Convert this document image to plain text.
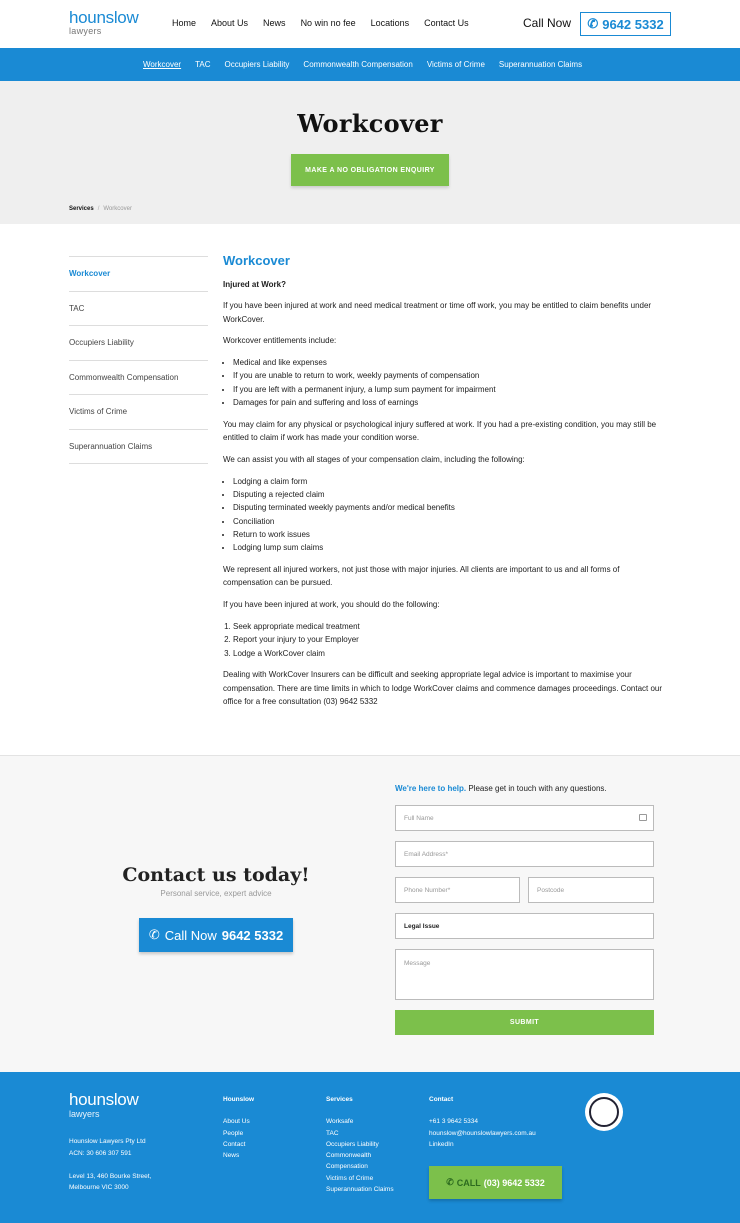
hounslow
lawyers
Home About Us News No win no fee Locations Contact Us	Call Now ✆ 9642 5332
Workcover TAC Occupiers Liability Commonwealth Compensation Victims of Crime Superannuation Claims
Workcover
MAKE A NO OBLIGATION ENQUIRY
Services / Workcover
Workcover
TAC
Occupiers Liability
Commonwealth Compensation
Victims of Crime
Superannuation Claims
Workcover
Injured at Work?

If you have been injured at work and need medical treatment or time off work, you may be entitled to claim benefits under WorkCover.

Workcover entitlements include:

• Medical and like expenses
• If you are unable to return to work, weekly payments of compensation
• If you are left with a permanent injury, a lump sum payment for impairment
• Damages for pain and suffering and loss of earnings

You may claim for any physical or psychological injury suffered at work. If you had a pre-existing condition, you may still be entitled to claim if work has made your condition worse.

We can assist you with all stages of your compensation claim, including the following:

• Lodging a claim form
• Disputing a rejected claim
• Disputing terminated weekly payments and/or medical benefits
• Conciliation
• Return to work issues
• Lodging lump sum claims

We represent all injured workers, not just those with major injuries. All clients are important to us and all forms of compensation can be pursued.

If you have been injured at work, you should do the following:

1. Seek appropriate medical treatment
2. Report your injury to your Employer
3. Lodge a WorkCover claim

Dealing with WorkCover Insurers can be difficult and seeking appropriate legal advice is important to maximise your compensation. There are time limits in which to lodge WorkCover claims and commence damages proceedings. Contact our office for a free consultation (03) 9642 5332

Contact us today!
Personal service, expert advice
✆ Call Now 9642 5332
We're here to help. Please get in touch with any questions.
Full Name
Email Address*
Phone Number*	Postcode
Legal Issue
Message
SUBMIT
hounslow
lawyers
Hounslow Lawyers Pty Ltd
ACN: 30 606 307 591
Level 13, 460 Bourke Street,
Melbourne VIC 3000
Hounslow
About Us
People
Contact
News
Services
Worksafe
TAC
Occupiers Liability
Commonwealth
Compensation
Victims of Crime
Superannuation Claims
Contact
+61 3 9642 5334
hounslow@hounslowlawyers.com.au
LinkedIn
✆ CALL (03) 9642 5332
